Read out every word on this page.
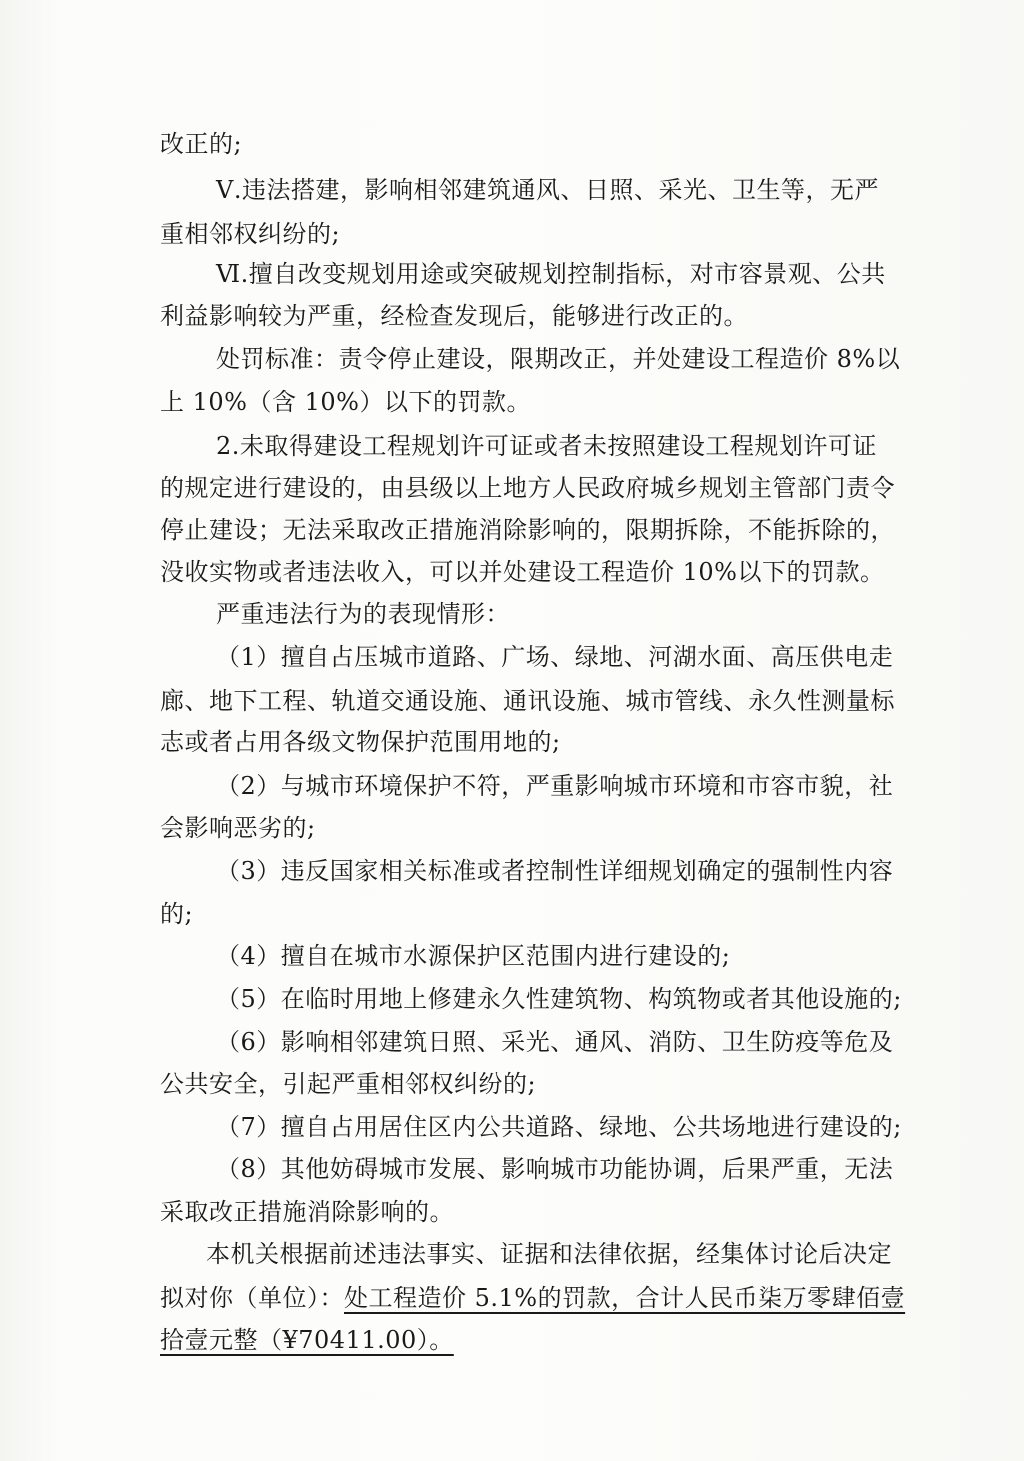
改正的;
Ⅴ.违法搭建，影响相邻建筑通风、日照、采光、卫生等，无严
重相邻权纠纷的;
Ⅵ.擅自改变规划用途或突破规划控制指标，对市容景观、公共
利益影响较为严重，经检查发现后，能够进行改正的。
处罚标准：责令停止建设，限期改正，并处建设工程造价 8%以
上 10%（含 10%）以下的罚款。
2.未取得建设工程规划许可证或者未按照建设工程规划许可证
的规定进行建设的，由县级以上地方人民政府城乡规划主管部门责令
停止建设；无法采取改正措施消除影响的，限期拆除，不能拆除的，
没收实物或者违法收入，可以并处建设工程造价 10%以下的罚款。
严重违法行为的表现情形：
（1）擅自占压城市道路、广场、绿地、河湖水面、高压供电走
廊、地下工程、轨道交通设施、通讯设施、城市管线、永久性测量标
志或者占用各级文物保护范围用地的;
（2）与城市环境保护不符，严重影响城市环境和市容市貌，社
会影响恶劣的;
（3）违反国家相关标准或者控制性详细规划确定的强制性内容
的;
（4）擅自在城市水源保护区范围内进行建设的;
（5）在临时用地上修建永久性建筑物、构筑物或者其他设施的;
（6）影响相邻建筑日照、采光、通风、消防、卫生防疫等危及
公共安全，引起严重相邻权纠纷的;
（7）擅自占用居住区内公共道路、绿地、公共场地进行建设的;
（8）其他妨碍城市发展、影响城市功能协调，后果严重，无法
采取改正措施消除影响的。
本机关根据前述违法事实、证据和法律依据，经集体讨论后决定
拟对你（单位）：处工程造价 5.1%的罚款，合计人民币柒万零肆佰壹
拾壹元整（¥70411.00）。
